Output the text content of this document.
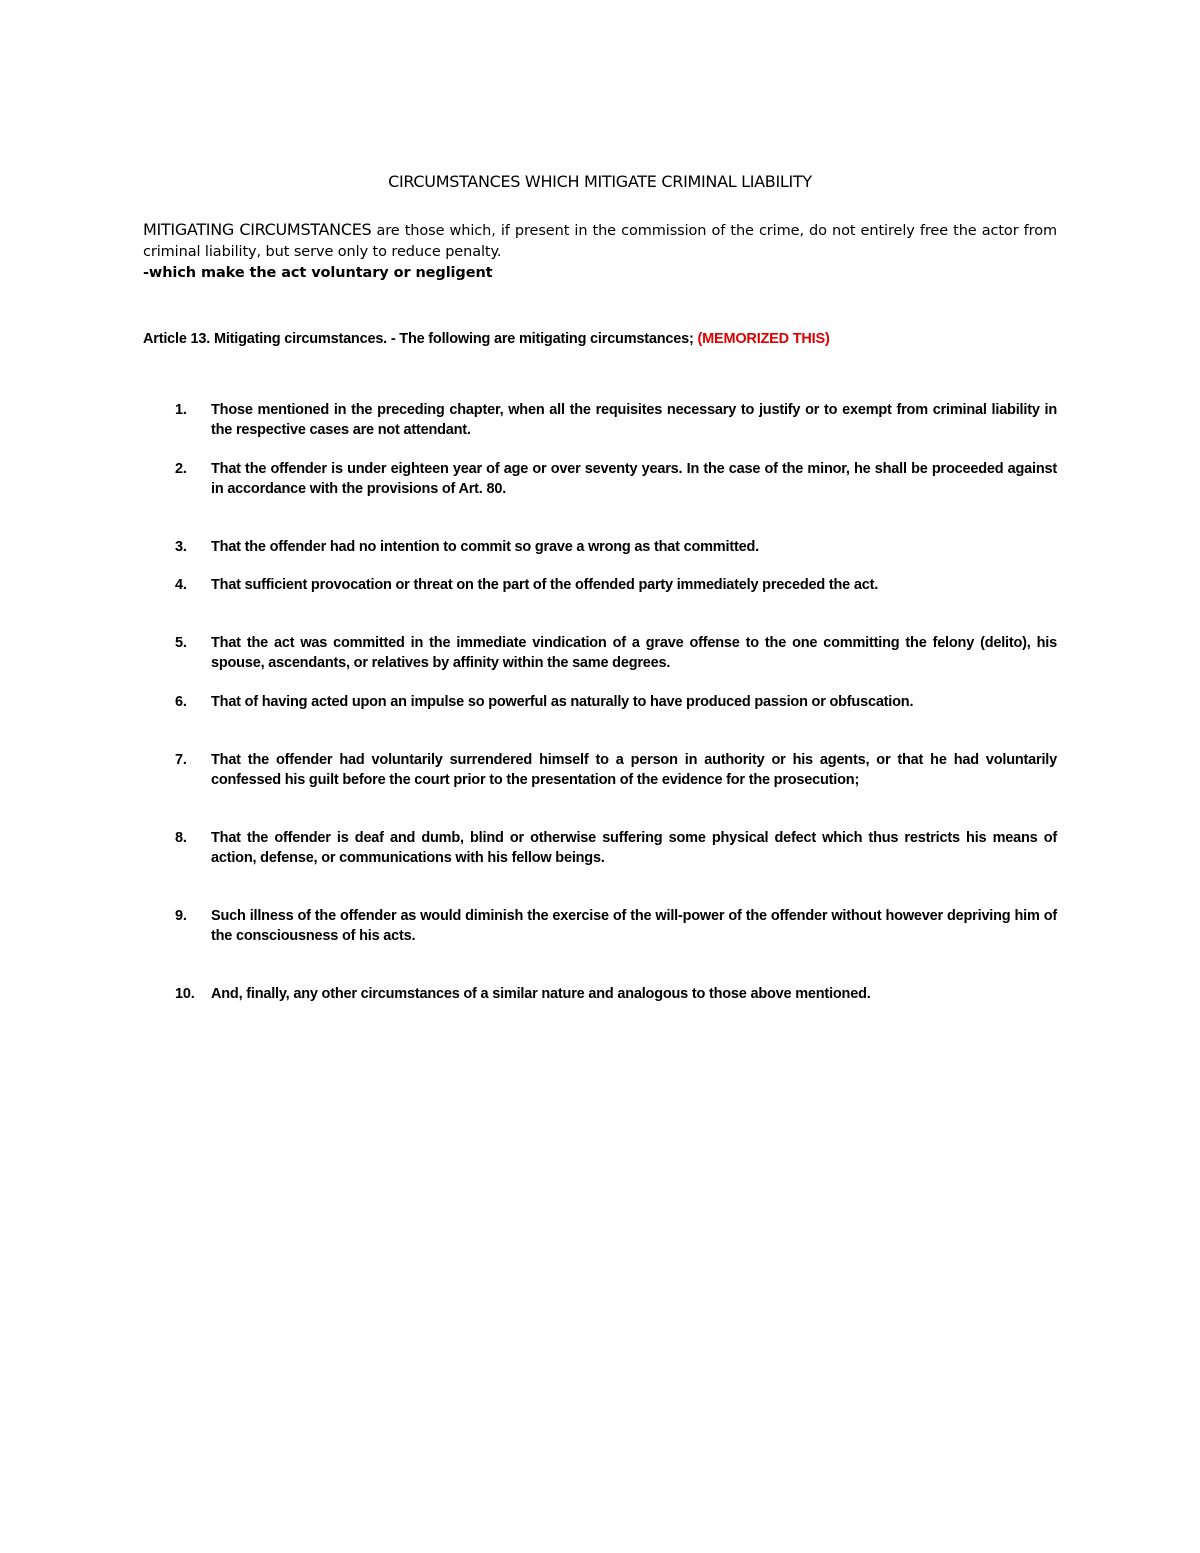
CIRCUMSTANCES WHICH MITIGATE CRIMINAL LIABILITY
MITIGATING CIRCUMSTANCES are those which, if present in the commission of the crime, do not entirely free the actor from criminal liability, but serve only to reduce penalty.
-which make the act voluntary or negligent
Article 13. Mitigating circumstances. - The following are mitigating circumstances; (MEMORIZED THIS)
1.	Those mentioned in the preceding chapter, when all the requisites necessary to justify or to exempt from criminal liability in the respective cases are not attendant.
2.	That the offender is under eighteen year of age or over seventy years. In the case of the minor, he shall be proceeded against in accordance with the provisions of Art. 80.
3.	That the offender had no intention to commit so grave a wrong as that committed.
4.	That sufficient provocation or threat on the part of the offended party immediately preceded the act.
5.	That the act was committed in the immediate vindication of a grave offense to the one committing the felony (delito), his spouse, ascendants, or relatives by affinity within the same degrees.
6.	That of having acted upon an impulse so powerful as naturally to have produced passion or obfuscation.
7.	That the offender had voluntarily surrendered himself to a person in authority or his agents, or that he had voluntarily confessed his guilt before the court prior to the presentation of the evidence for the prosecution;
8.	That the offender is deaf and dumb, blind or otherwise suffering some physical defect which thus restricts his means of action, defense, or communications with his fellow beings.
9.	Such illness of the offender as would diminish the exercise of the will-power of the offender without however depriving him of the consciousness of his acts.
10.	And, finally, any other circumstances of a similar nature and analogous to those above mentioned.
